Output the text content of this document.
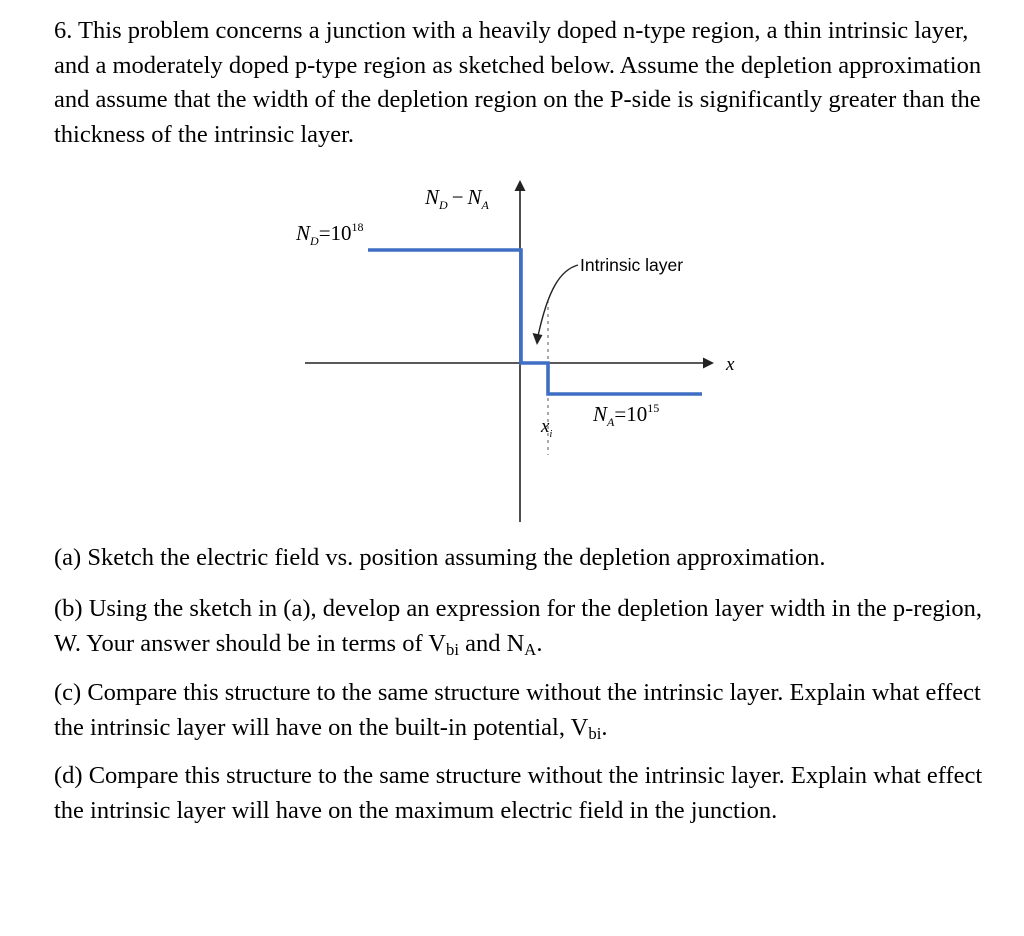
6. This problem concerns a junction with a heavily doped n-type region, a thin intrinsic layer, and a moderately doped p-type region as sketched below. Assume the depletion approximation and assume that the width of the depletion region on the P-side is significantly greater than the thickness of the intrinsic layer.

$N_D - N_A$
$N_D=10^{18}$
$N_A=10^{15}$
$x_i$
x
Intrinsic layer

(a) Sketch the electric field vs. position assuming the depletion approximation.

(b) Using the sketch in (a), develop an expression for the depletion layer width in the p-region, W. Your answer should be in terms of $V_{bi}$ and $N_A$.

(c) Compare this structure to the same structure without the intrinsic layer. Explain what effect the intrinsic layer will have on the built-in potential, $V_{bi}$.

(d) Compare this structure to the same structure without the intrinsic layer. Explain what effect the intrinsic layer will have on the maximum electric field in the junction.
